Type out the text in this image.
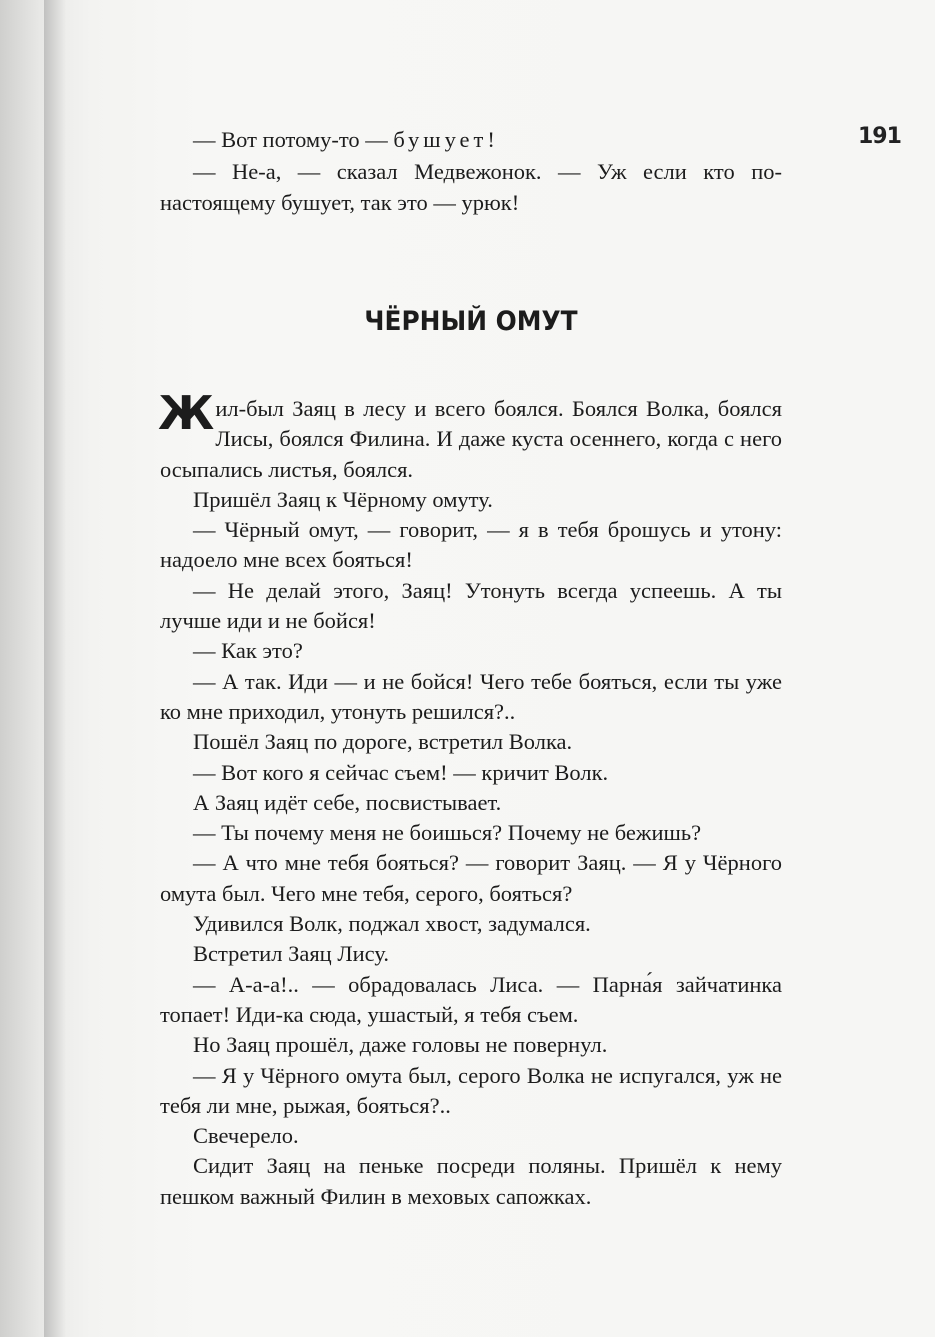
191

— Вот потому-то — бушует!

— Не-а, — сказал Медвежонок. — Уж если кто понастоящему бушует, так это — урюк!

ЧЁРНЫЙ ОМУТ

Жил-был Заяц в лесу и всего боялся. Боялся Волка, боялся Лисы, боялся Филина. И даже куста осеннего, когда с него осыпались листья, боялся.

Пришёл Заяц к Чёрному омуту.

— Чёрный омут, — говорит, — я в тебя брошусь и утону: надоело мне всех бояться!

— Не делай этого, Заяц! Утонуть всегда успеешь. А ты лучше иди и не бойся!

— Как это?

— А так. Иди — и не бойся! Чего тебе бояться, если ты уже ко мне приходил, утонуть решился?..

Пошёл Заяц по дороге, встретил Волка.

— Вот кого я сейчас съем! — кричит Волк.

А Заяц идёт себе, посвистывает.

— Ты почему меня не боишься? Почему не бежишь?

— А что мне тебя бояться? — говорит Заяц. — Я у Чёрного омута был. Чего мне тебя, серого, бояться?

Удивился Волк, поджал хвост, задумался.

Встретил Заяц Лису.

— А-а-а!.. — обрадовалась Лиса. — Парна́я зайчатинка топает! Иди-ка сюда, ушастый, я тебя съем.

Но Заяц прошёл, даже головы не повернул.

— Я у Чёрного омута был, серого Волка не испугался, уж не тебя ли мне, рыжая, бояться?..

Свечерело.

Сидит Заяц на пеньке посреди поляны. Пришёл к нему пешком важный Филин в меховых сапожках.
